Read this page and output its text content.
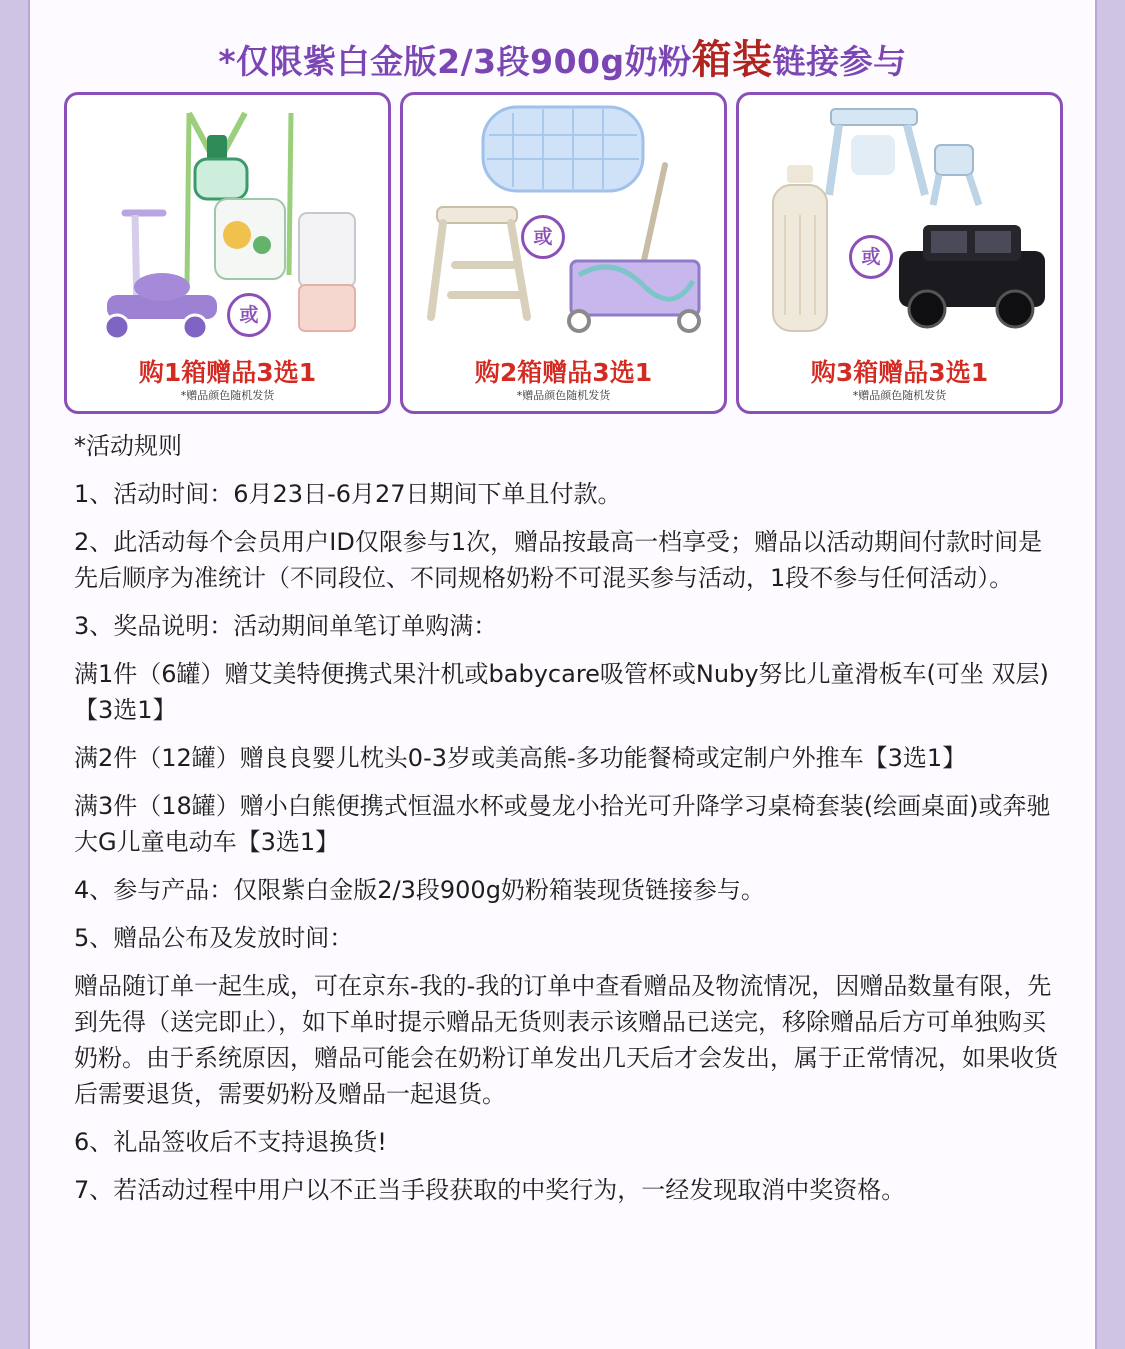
*仅限紫白金版2/3段900g奶粉箱装链接参与
或
购1箱赠品3选1
*赠品颜色随机发货
或
购2箱赠品3选1
*赠品颜色随机发货
或
购3箱赠品3选1
*赠品颜色随机发货

*活动规则

1、活动时间：6月23日-6月27日期间下单且付款。

2、此活动每个会员用户ID仅限参与1次，赠品按最高一档享受；赠品以活动期间付款时间是先后顺序为准统计（不同段位、不同规格奶粉不可混买参与活动，1段不参与任何活动）。

3、奖品说明：活动期间单笔订单购满：

满1件（6罐）赠艾美特便携式果汁机或babycare吸管杯或Nuby努比儿童滑板车(可坐 双层)【3选1】

满2件（12罐）赠良良婴儿枕头0-3岁或美高熊-多功能餐椅或定制户外推车【3选1】

满3件（18罐）赠小白熊便携式恒温水杯或曼龙小拾光可升降学习桌椅套装(绘画桌面)或奔驰大G儿童电动车【3选1】

4、参与产品：仅限紫白金版2/3段900g奶粉箱装现货链接参与。

5、赠品公布及发放时间：

赠品随订单一起生成，可在京东-我的-我的订单中查看赠品及物流情况，因赠品数量有限，先到先得（送完即止），如下单时提示赠品无货则表示该赠品已送完，移除赠品后方可单独购买奶粉。由于系统原因，赠品可能会在奶粉订单发出几天后才会发出，属于正常情况，如果收货后需要退货，需要奶粉及赠品一起退货。

6、礼品签收后不支持退换货!

7、若活动过程中用户以不正当手段获取的中奖行为，一经发现取消中奖资格。
